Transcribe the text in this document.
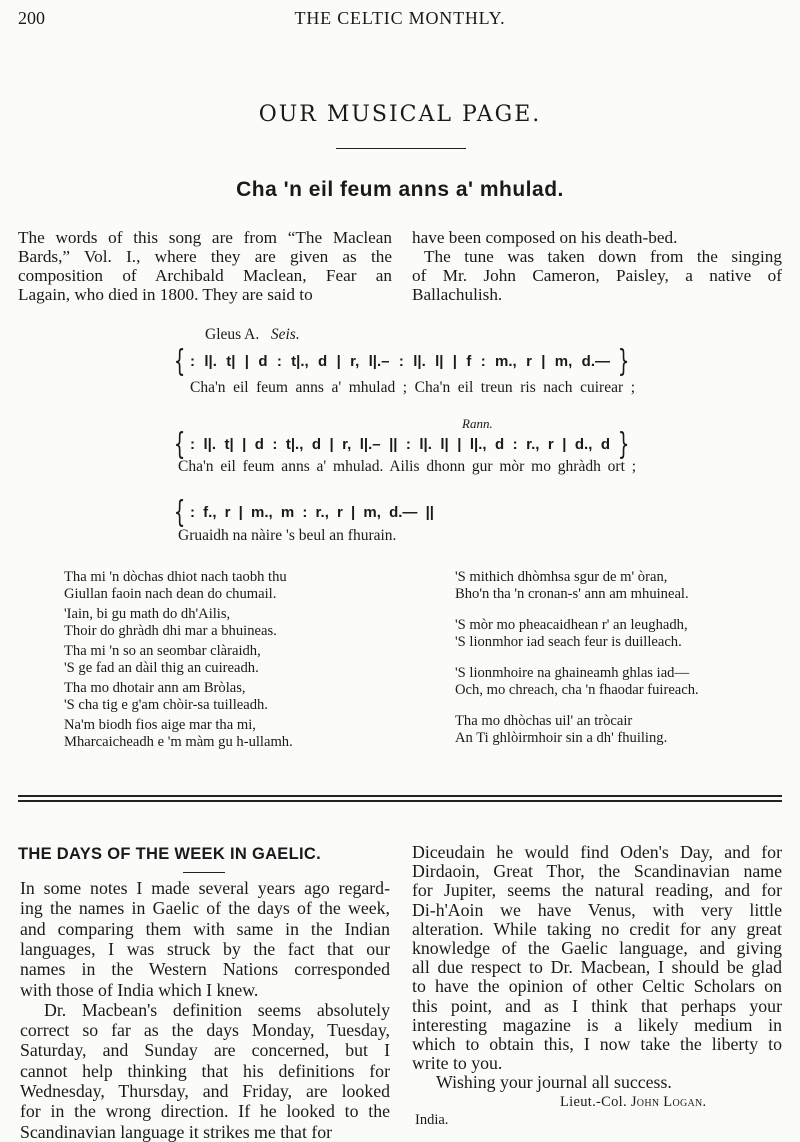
200	THE CELTIC MONTHLY.
OUR MUSICAL PAGE.
Cha 'n eil feum anns a' mhulad.
The words of this song are from “The Maclean
Bards,” Vol. I., where they are given as the
composition of Archibald Maclean, Fear an
Lagain, who died in 1800. They are said to
have been composed on his death-bed.
The tune was taken down from the singing
of Mr. John Cameron, Paisley, a native of
Ballachulish.
Gleus A. Seis.
{ : l|. t| | d : t|., d | r, l|.– : l|. l| | f : m., r | m, d.— }
Cha'n eil feum anns a' mhulad ; Cha'n eil treun ris nach cuirear ;
Rann.
{ : l|. t| | d : t|., d | r, l|.– || : l|. l| | l|., d : r., r | d., d }
Cha'n eil feum anns a' mhulad. Ailis dhonn gur mòr mo ghràdh ort ;
{ : f., r | m., m : r., r | m, d.— ||
Gruaidh na nàire 's beul an fhurain.
Tha mi 'n dòchas dhiot nach taobh thu
Giullan faoin nach dean do chumail.
'Iain, bi gu math do dh'Ailis,
Thoir do ghràdh dhi mar a bhuineas.
Tha mi 'n so an seombar clàraidh,
'S ge fad an dàil thig an cuireadh.
Tha mo dhotair ann am Bròlas,
'S cha tig e g'am chòir-sa tuilleadh.
Na'm biodh fios aige mar tha mi,
Mharcaicheadh e 'm màm gu h-ullamh.
'S mithich dhòmhsa sgur de m' òran,
Bho'n tha 'n cronan-s' ann am mhuineal.
'S mòr mo pheacaidhean r' an leughadh,
'S lionmhor iad seach feur is duilleach.
'S lionmhoire na ghaineamh ghlas iad—
Och, mo chreach, cha 'n fhaodar fuireach.
Tha mo dhòchas uil' an tròcair
An Ti ghlòirmhoir sin a dh' fhuiling.
THE DAYS OF THE WEEK IN GAELIC.
In some notes I made several years ago regard-
ing the names in Gaelic of the days of the week,
and comparing them with same in the Indian
languages, I was struck by the fact that our
names in the Western Nations corresponded
with those of India which I knew.
Dr. Macbean's definition seems absolutely
correct so far as the days Monday, Tuesday,
Saturday, and Sunday are concerned, but I
cannot help thinking that his definitions for
Wednesday, Thursday, and Friday, are looked
for in the wrong direction. If he looked to the
Scandinavian language it strikes me that for
Diceudain he would find Oden's Day, and for
Dirdaoin, Great Thor, the Scandinavian name
for Jupiter, seems the natural reading, and for
Di-h'Aoin we have Venus, with very little
alteration. While taking no credit for any great
knowledge of the Gaelic language, and giving
all due respect to Dr. Macbean, I should be glad
to have the opinion of other Celtic Scholars on
this point, and as I think that perhaps your
interesting magazine is a likely medium in
which to obtain this, I now take the liberty to
write to you.
Wishing your journal all success.
Lieut.-Col. John Logan.
India.
